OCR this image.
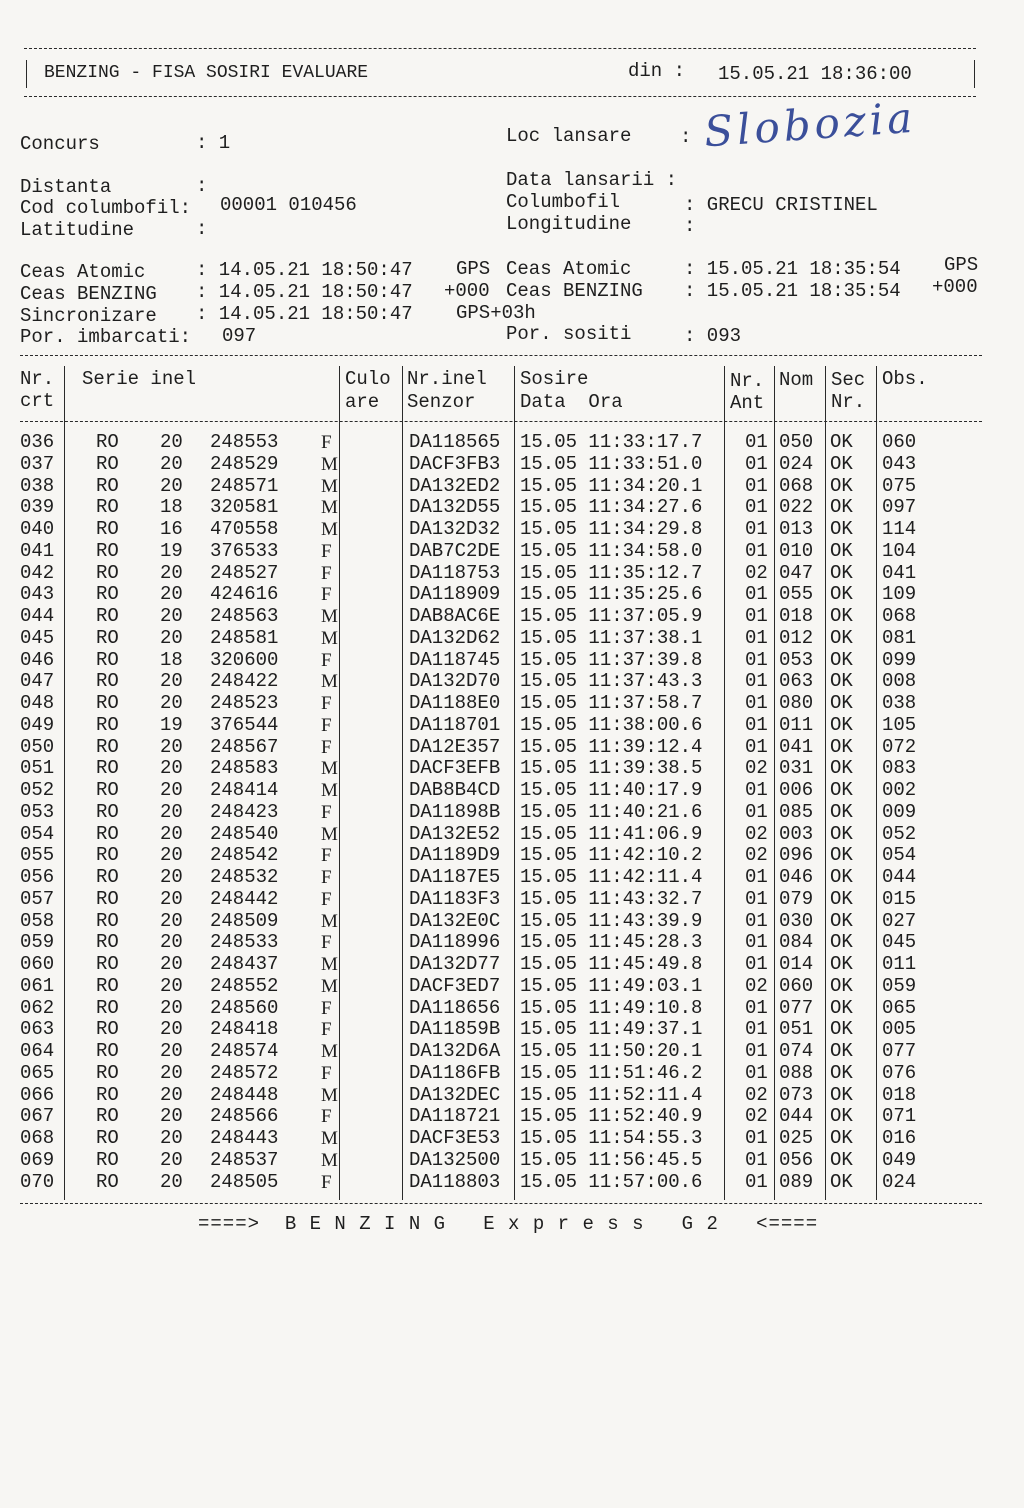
BENZING - FISA SOSIRI EVALUARE	din : 15.05.21 18:36:00
Concurs	: 1	Loc lansare	: Slobozia
Distanta	:	Data lansarii :
Cod columbofil: 00001 010456	Columbofil	: GRECU CRISTINEL
Latitudine	:	Longitudine	:
Ceas Atomic	: 14.05.21 18:50:47 GPS
Ceas BENZING : 14.05.21 18:50:47 +000
Sincronizare : 14.05.21 18:50:47 GPS+03h
Ceas Atomic	: 15.05.21 18:35:54 GPS
Ceas BENZING : 15.05.21 18:35:54 +000
Por. imbarcati: 097	Por. sositi	: 093
Nr.
crt
Serie inel	Culo
are
Nr.inel
Senzor
Sosire
Data  Ora
Nr.
Ant
Nom Sec
Nr.
Obs.
036 RO 20 248553 F	DA118565 15.05 11:33:17.7 01 050 OK 060
037 RO 20 248529 M	DACF3FB3 15.05 11:33:51.0 01 024 OK 043
038 RO 20 248571 M	DA132ED2 15.05 11:34:20.1 01 068 OK 075
039 RO 18 320581 M	DA132D55 15.05 11:34:27.6 01 022 OK 097
040 RO 16 470558 M	DA132D32 15.05 11:34:29.8 01 013 OK 114
041 RO 19 376533 F	DAB7C2DE 15.05 11:34:58.0 01 010 OK 104
042 RO 20 248527 F	DA118753 15.05 11:35:12.7 02 047 OK 041
043 RO 20 424616 F	DA118909 15.05 11:35:25.6 01 055 OK 109
044 RO 20 248563 M	DAB8AC6E 15.05 11:37:05.9 01 018 OK 068
045 RO 20 248581 M	DA132D62 15.05 11:37:38.1 01 012 OK 081
046 RO 18 320600 F	DA118745 15.05 11:37:39.8 01 053 OK 099
047 RO 20 248422 M	DA132D70 15.05 11:37:43.3 01 063 OK 008
048 RO 20 248523 F	DA1188E0 15.05 11:37:58.7 01 080 OK 038
049 RO 19 376544 F	DA118701 15.05 11:38:00.6 01 011 OK 105
050 RO 20 248567 F	DA12E357 15.05 11:39:12.4 01 041 OK 072
051 RO 20 248583 M	DACF3EFB 15.05 11:39:38.5 02 031 OK 083
052 RO 20 248414 M	DAB8B4CD 15.05 11:40:17.9 01 006 OK 002
053 RO 20 248423 F	DA11898B 15.05 11:40:21.6 01 085 OK 009
054 RO 20 248540 M	DA132E52 15.05 11:41:06.9 02 003 OK 052
055 RO 20 248542 F	DA1189D9 15.05 11:42:10.2 02 096 OK 054
056 RO 20 248532 F	DA1187E5 15.05 11:42:11.4 01 046 OK 044
057 RO 20 248442 F	DA1183F3 15.05 11:43:32.7 01 079 OK 015
058 RO 20 248509 M	DA132E0C 15.05 11:43:39.9 01 030 OK 027
059 RO 20 248533 F	DA118996 15.05 11:45:28.3 01 084 OK 045
060 RO 20 248437 M	DA132D77 15.05 11:45:49.8 01 014 OK 011
061 RO 20 248552 M	DACF3ED7 15.05 11:49:03.1 02 060 OK 059
062 RO 20 248560 F	DA118656 15.05 11:49:10.8 01 077 OK 065
063 RO 20 248418 F	DA11859B 15.05 11:49:37.1 01 051 OK 005
064 RO 20 248574 M	DA132D6A 15.05 11:50:20.1 01 074 OK 077
065 RO 20 248572 F	DA1186FB 15.05 11:51:46.2 01 088 OK 076
066 RO 20 248448 M	DA132DEC 15.05 11:52:11.4 02 073 OK 018
067 RO 20 248566 F	DA118721 15.05 11:52:40.9 02 044 OK 071
068 RO 20 248443 M	DACF3E53 15.05 11:54:55.3 01 025 OK 016
069 RO 20 248537 M	DA132500 15.05 11:56:45.5 01 056 OK 049
070 RO 20 248505 F	DA118803 15.05 11:57:00.6 01 089 OK 024
====>  B E N Z I N G   E x p r e s s   G 2   <====
